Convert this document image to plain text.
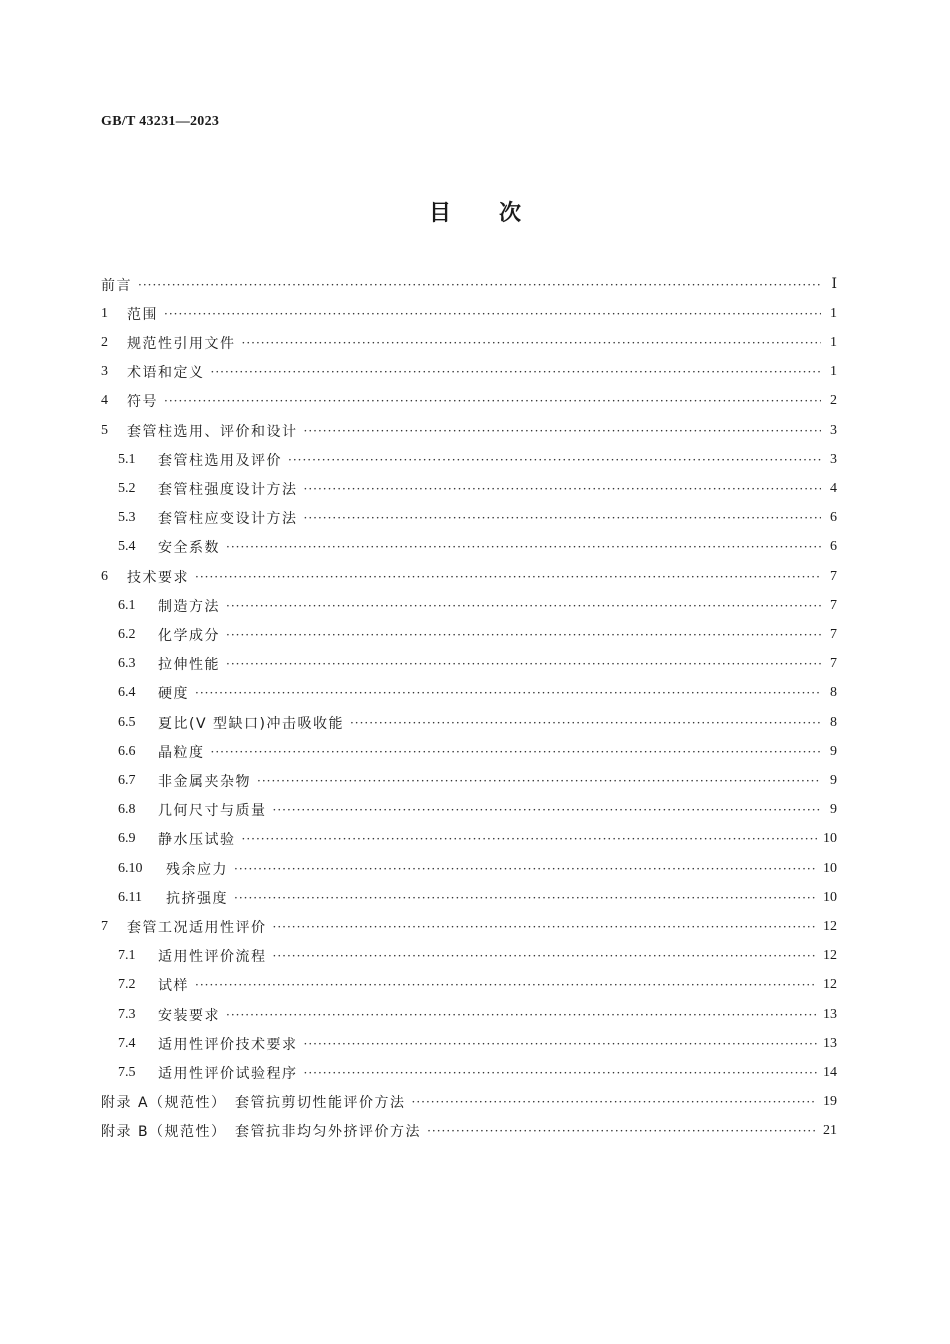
GB/T 43231—2023
目次
前言 ·····	Ⅰ
1	范围 ·····	1
2	规范性引用文件 ·····	1
3	术语和定义 ·····	1
4	符号 ·····	2
5	套管柱选用、评价和设计 ·····	3
5.1	套管柱选用及评价 ·····	3
5.2	套管柱强度设计方法 ·····	4
5.3	套管柱应变设计方法 ·····	6
5.4	安全系数 ·····	6
6	技术要求 ·····	7
6.1	制造方法 ·····	7
6.2	化学成分 ·····	7
6.3	拉伸性能 ·····	7
6.4	硬度 ·····	8
6.5	夏比(V 型缺口)冲击吸收能 ·····	8
6.6	晶粒度 ·····	9
6.7	非金属夹杂物 ·····	9
6.8	几何尺寸与质量 ·····	9
6.9	静水压试验 ·····	10
6.10	残余应力 ·····	10
6.11	抗挤强度 ·····	10
7	套管工况适用性评价 ·····	12
7.1	适用性评价流程 ·····	12
7.2	试样 ·····	12
7.3	安装要求 ·····	13
7.4	适用性评价技术要求 ·····	13
7.5	适用性评价试验程序 ·····	14
附录 A（规范性）　套管抗剪切性能评价方法 ·····	19
附录 B（规范性）　套管抗非均匀外挤评价方法 ·····	21
